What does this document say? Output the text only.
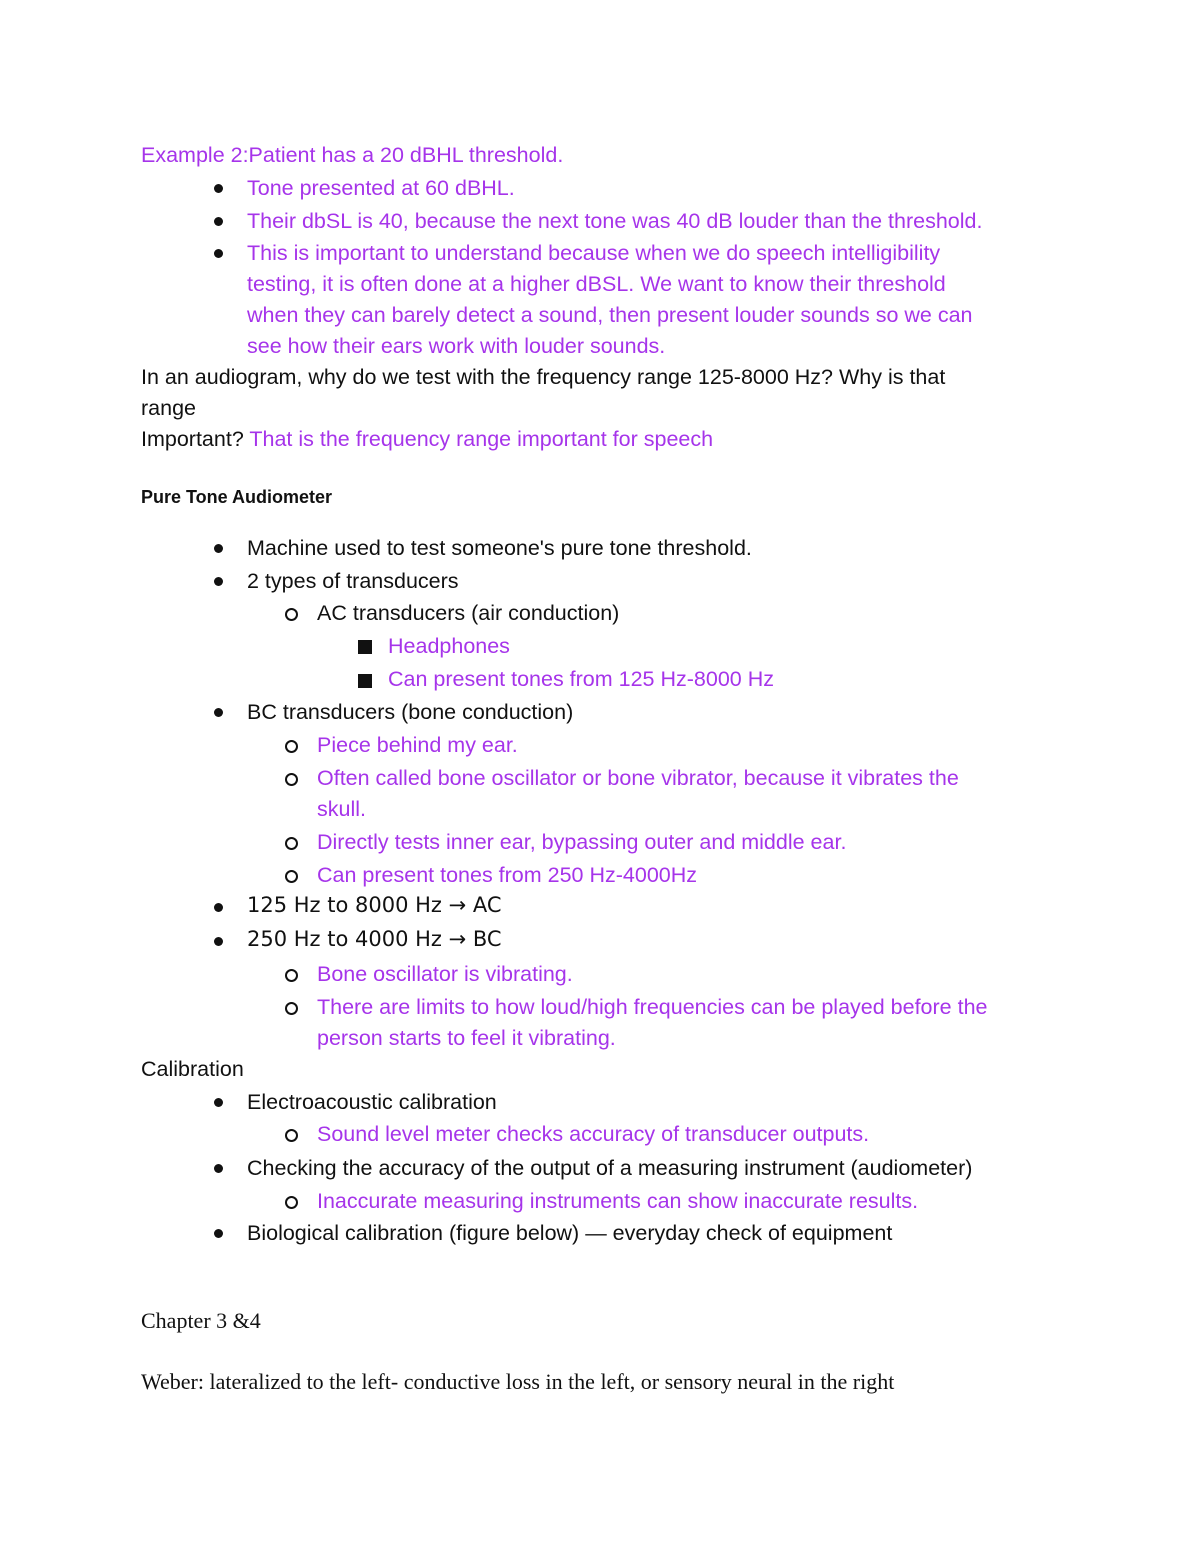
Example 2:Patient has a 20 dBHL threshold.
Tone presented at 60 dBHL.
Their dbSL is 40, because the next tone was 40 dB louder than the threshold.
This is important to understand because when we do speech intelligibility
testing, it is often done at a higher dBSL. We want to know their threshold
when they can barely detect a sound, then present louder sounds so we can
see how their ears work with louder sounds.
In an audiogram, why do we test with the frequency range 125-8000 Hz? Why is that
range
Important? That is the frequency range important for speech
Pure Tone Audiometer
Machine used to test someone's pure tone threshold.
2 types of transducers
AC transducers (air conduction)
Headphones
Can present tones from 125 Hz-8000 Hz
BC transducers (bone conduction)
Piece behind my ear.
Often called bone oscillator or bone vibrator, because it vibrates the
skull.
Directly tests inner ear, bypassing outer and middle ear.
Can present tones from 250 Hz-4000Hz
125 Hz to 8000 Hz → AC
250 Hz to 4000 Hz → BC
Bone oscillator is vibrating.
There are limits to how loud/high frequencies can be played before the
person starts to feel it vibrating.
Calibration
Electroacoustic calibration
Sound level meter checks accuracy of transducer outputs.
Checking the accuracy of the output of a measuring instrument (audiometer)
Inaccurate measuring instruments can show inaccurate results.
Biological calibration (figure below) — everyday check of equipment
Chapter 3 &4
Weber: lateralized to the left- conductive loss in the left, or sensory neural in the right
